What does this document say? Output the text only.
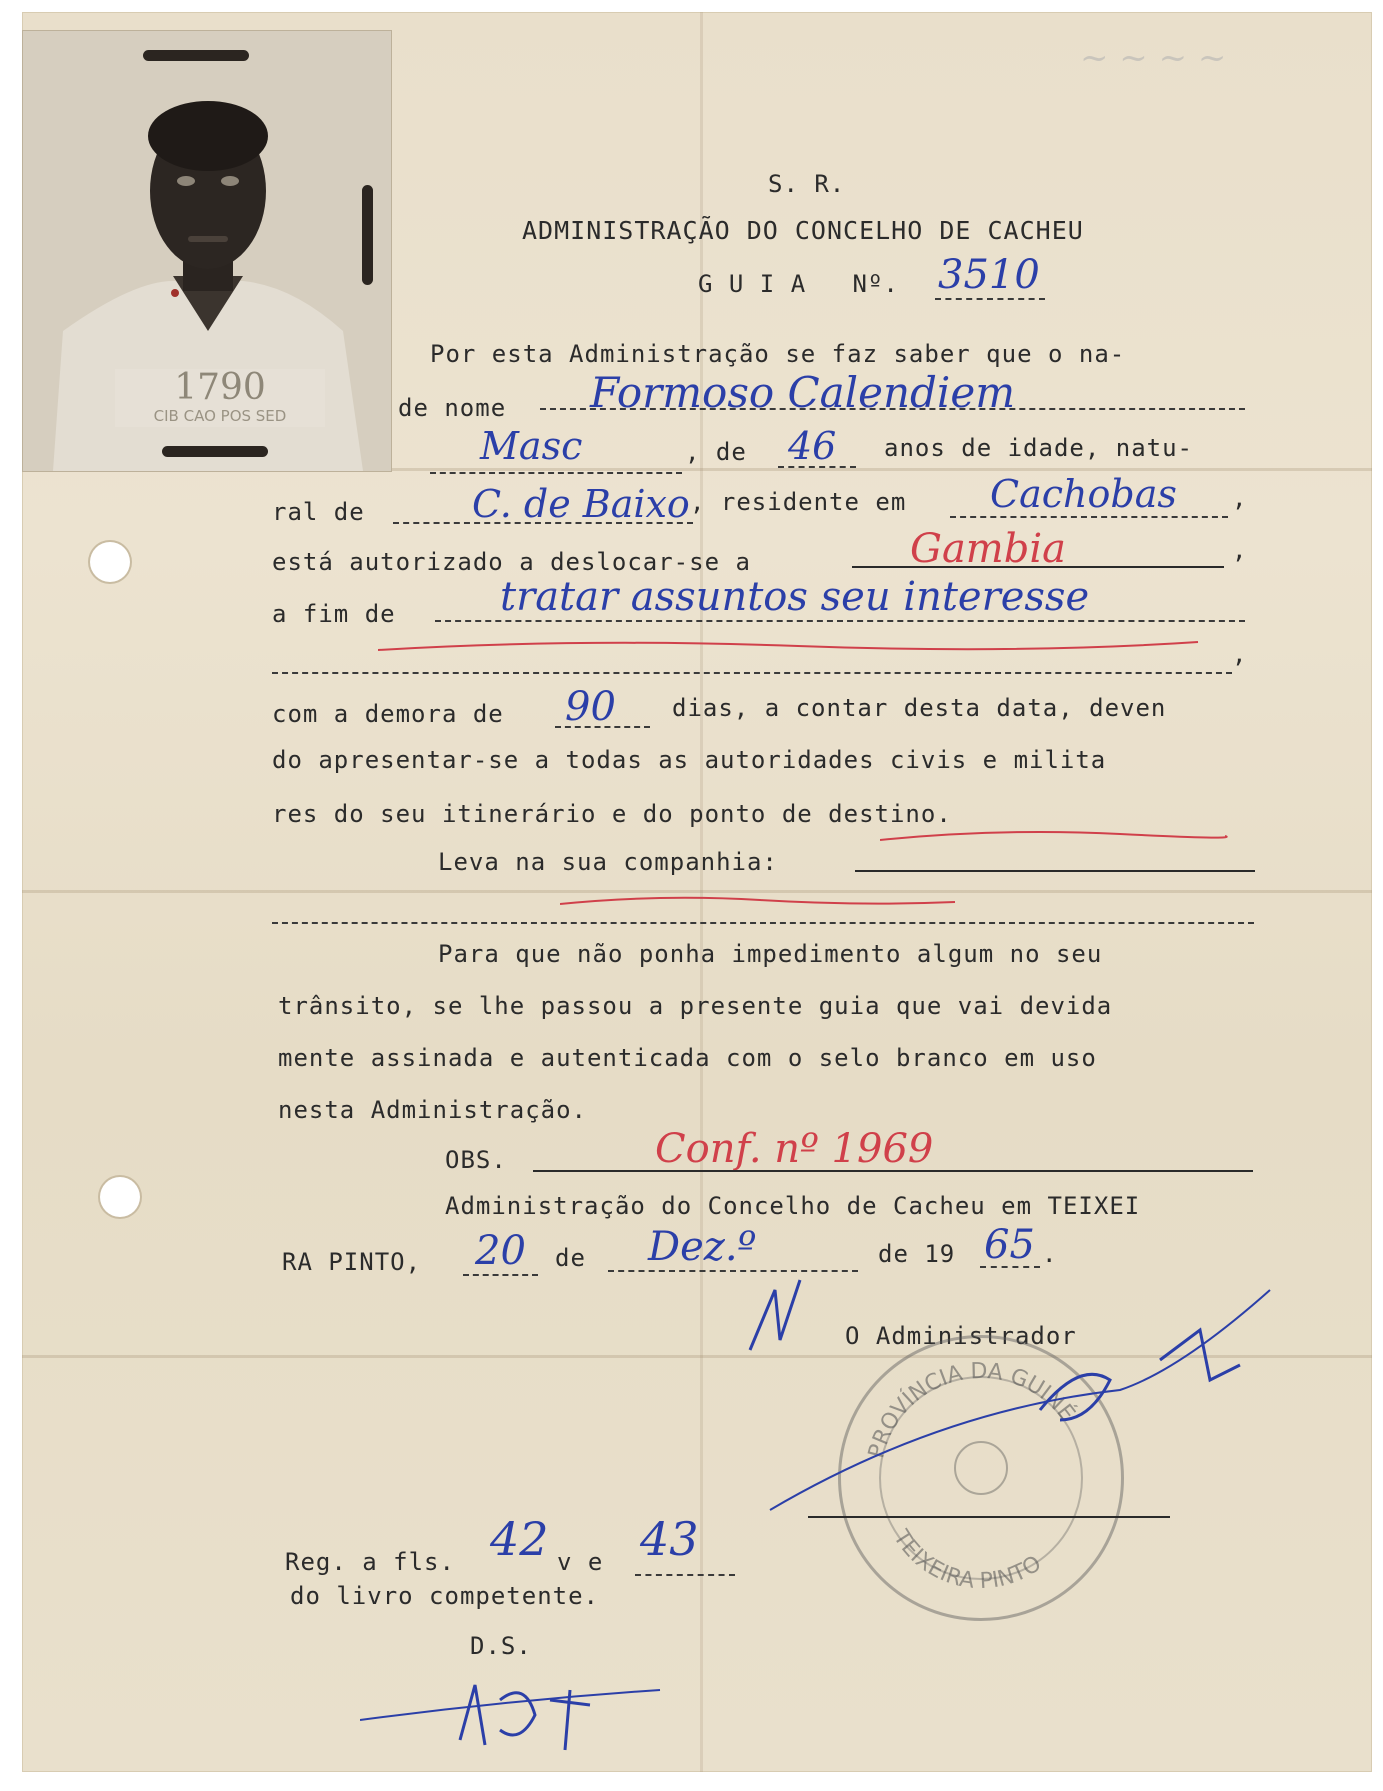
~ ~ ~ ~
1790
CIB CAO POS SED
S. R.
ADMINISTRAÇÃO DO CONCELHO DE CACHEU
G U I A   Nº. 3510
Por esta Administração se faz saber que o na-
de nome Formoso Calendiem
Masc	, de 46 anos de idade, natu-
ral de	C. de Baixo , residente em Cachobas ,
está autorizado a deslocar-se a	Gambia	,
a fim de	tratar assuntos seu interesse
,
com a demora de 90 dias, a contar desta data, deven
do apresentar-se a todas as autoridades civis e milita
res do seu itinerário e do ponto de destino.
Leva na sua companhia:
Para que não ponha impedimento algum no seu
trânsito, se lhe passou a presente guia que vai devida
mente assinada e autenticada com o selo branco em uso
nesta Administração.
OBS.	Conf. nº 1969
Administração do Concelho de Cacheu em TEIXEI
RA PINTO, 20 de Dez.º	de 19 65 .
O Administrador
PROVÍNCIA DA GUINÉ
TEIXEIRA PINTO
Reg. a fls. 42 v e 43
do livro competente.
D.S.
